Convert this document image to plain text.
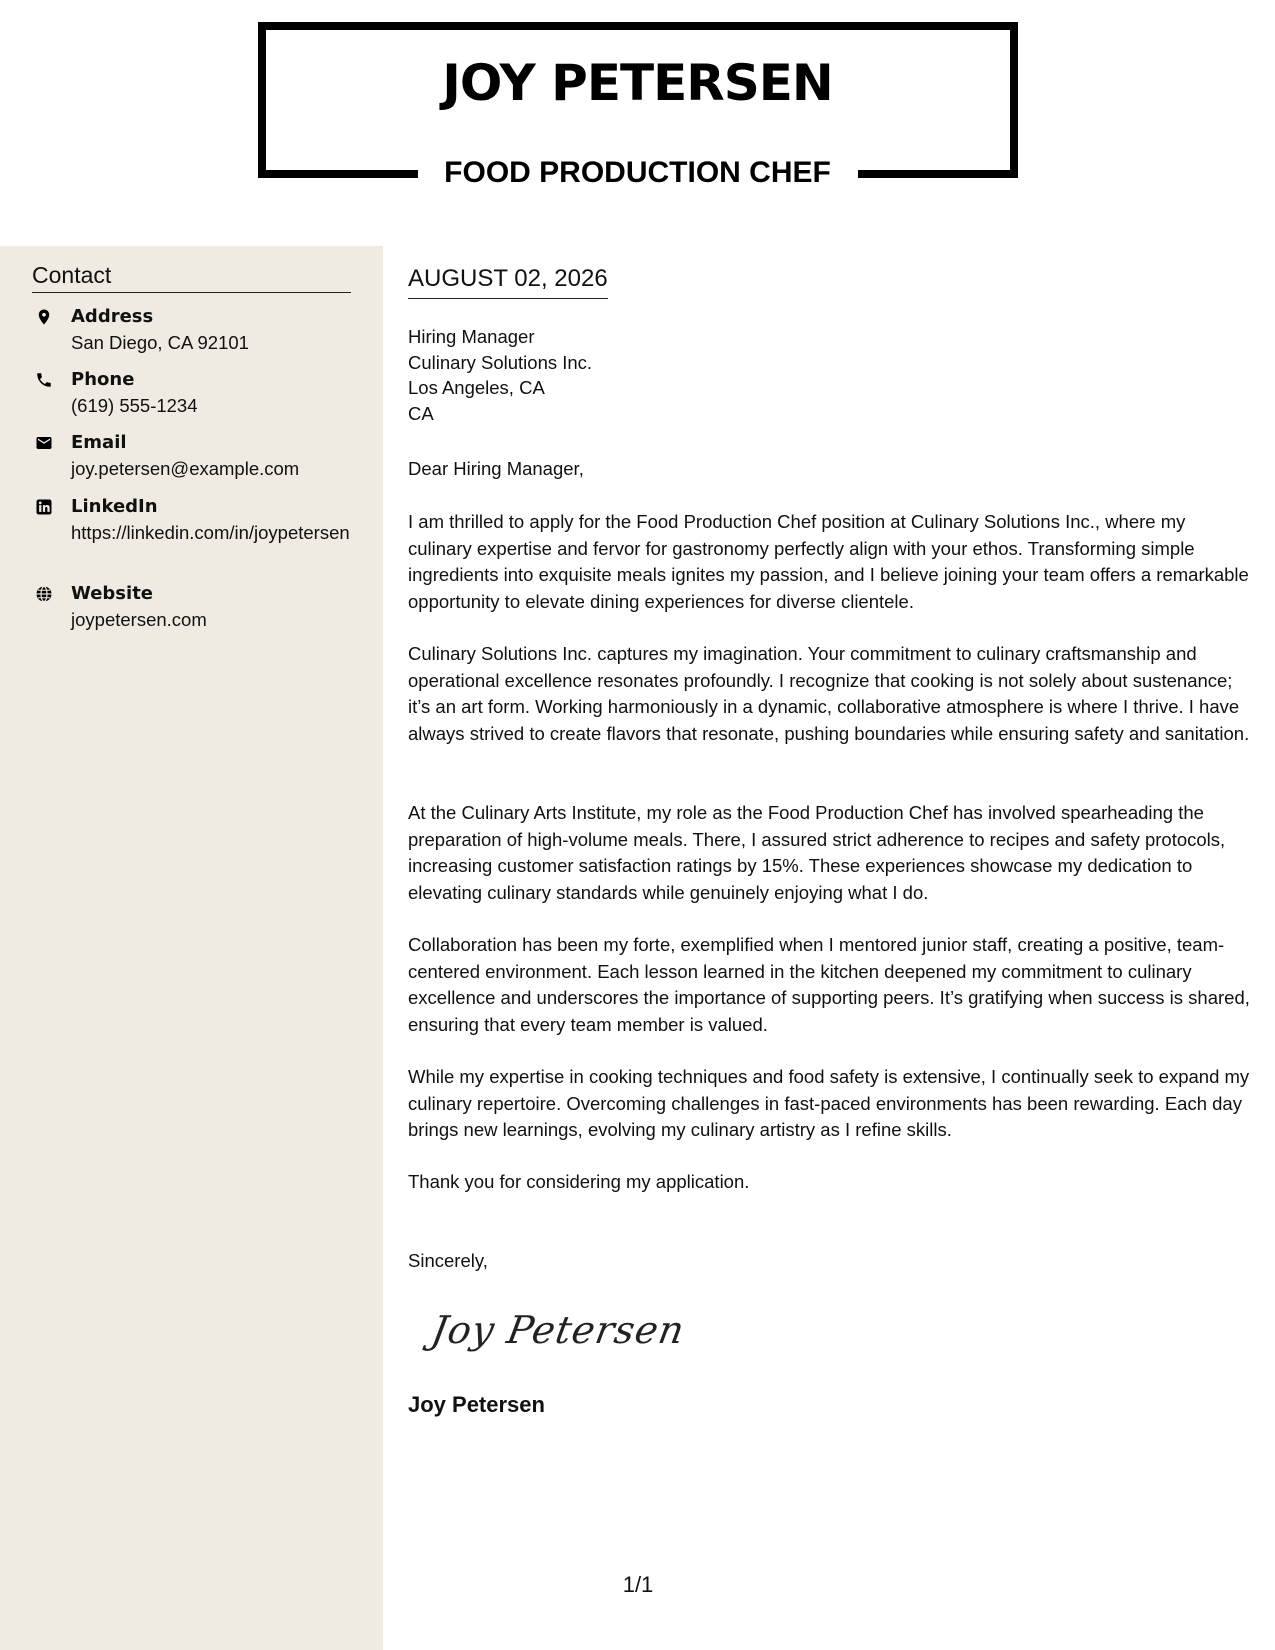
JOY PETERSEN
FOOD PRODUCTION CHEF
Contact
Address
San Diego, CA 92101
Phone
(619) 555-1234
Email
joy.petersen@example.com
LinkedIn
https://linkedin.com/in/joypetersen
Website
joypetersen.com
AUGUST 02, 2026
Hiring Manager
Culinary Solutions Inc.
Los Angeles, CA
CA

Dear Hiring Manager,

I am thrilled to apply for the Food Production Chef position at Culinary Solutions Inc., where my culinary expertise and fervor for gastronomy perfectly align with your ethos. Transforming simple ingredients into exquisite meals ignites my passion, and I believe joining your team offers a remarkable opportunity to elevate dining experiences for diverse clientele.

Culinary Solutions Inc. captures my imagination. Your commitment to culinary craftsmanship and operational excellence resonates profoundly. I recognize that cooking is not solely about sustenance; it’s an art form. Working harmoniously in a dynamic, collaborative atmosphere is where I thrive. I have always strived to create flavors that resonate, pushing boundaries while ensuring safety and sanitation.

At the Culinary Arts Institute, my role as the Food Production Chef has involved spearheading the preparation of high-volume meals. There, I assured strict adherence to recipes and safety protocols, increasing customer satisfaction ratings by 15%. These experiences showcase my dedication to elevating culinary standards while genuinely enjoying what I do.

Collaboration has been my forte, exemplified when I mentored junior staff, creating a positive, team-centered environment. Each lesson learned in the kitchen deepened my commitment to culinary excellence and underscores the importance of supporting peers. It’s gratifying when success is shared, ensuring that every team member is valued.

While my expertise in cooking techniques and food safety is extensive, I continually seek to expand my culinary repertoire. Overcoming challenges in fast-paced environments has been rewarding. Each day brings new learnings, evolving my culinary artistry as I refine skills.

Thank you for considering my application.

Sincerely,

Joy Petersen
Joy Petersen
1/1
